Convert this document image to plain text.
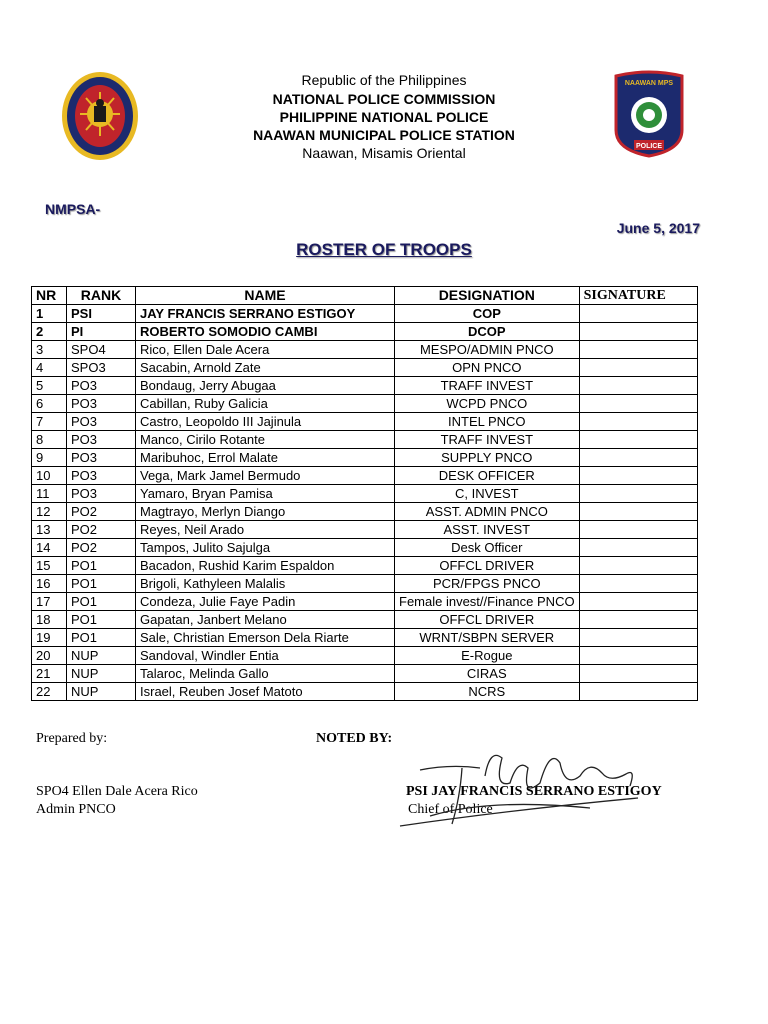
NAAWAN MPS
POLICE
Republic of the Philippines
NATIONAL POLICE COMMISSION
PHILIPPINE NATIONAL POLICE
NAAWAN MUNICIPAL POLICE STATION
Naawan, Misamis Oriental
NMPSA-
June 5, 2017
ROSTER OF TROOPS
NR	RANK	NAME	DESIGNATION	SIGNATURE
1	PSI	JAY FRANCIS SERRANO ESTIGOY	COP	
2	PI	ROBERTO SOMODIO CAMBI	DCOP	
3	SPO4	Rico, Ellen Dale Acera	MESPO/ADMIN PNCO	
4	SPO3	Sacabin, Arnold Zate	OPN PNCO	
5	PO3	Bondaug, Jerry Abugaa	TRAFF INVEST	
6	PO3	Cabillan, Ruby Galicia	WCPD PNCO	
7	PO3	Castro, Leopoldo III Jajinula	INTEL PNCO	
8	PO3	Manco, Cirilo Rotante	TRAFF INVEST	
9	PO3	Maribuhoc, Errol Malate	SUPPLY PNCO	
10	PO3	Vega, Mark Jamel Bermudo	DESK OFFICER	
11	PO3	Yamaro, Bryan Pamisa	C, INVEST	
12	PO2	Magtrayo, Merlyn Diango	ASST. ADMIN PNCO	
13	PO2	Reyes, Neil Arado	ASST. INVEST	
14	PO2	Tampos, Julito Sajulga	Desk Officer	
15	PO1	Bacadon, Rushid Karim Espaldon	OFFCL DRIVER	
16	PO1	Brigoli, Kathyleen Malalis	PCR/FPGS PNCO	
17	PO1	Condeza, Julie Faye Padin	Female invest//Finance PNCO	
18	PO1	Gapatan, Janbert Melano	OFFCL DRIVER	
19	PO1	Sale, Christian Emerson Dela Riarte	WRNT/SBPN SERVER	
20	NUP	Sandoval, Windler Entia	E-Rogue	
21	NUP	Talaroc, Melinda Gallo	CIRAS	
22	NUP	Israel, Reuben Josef Matoto	NCRS	
Prepared by:	NOTED BY:
SPO4 Ellen Dale Acera Rico
Admin PNCO
PSI JAY FRANCIS SERRANO ESTIGOY
Chief of Police
